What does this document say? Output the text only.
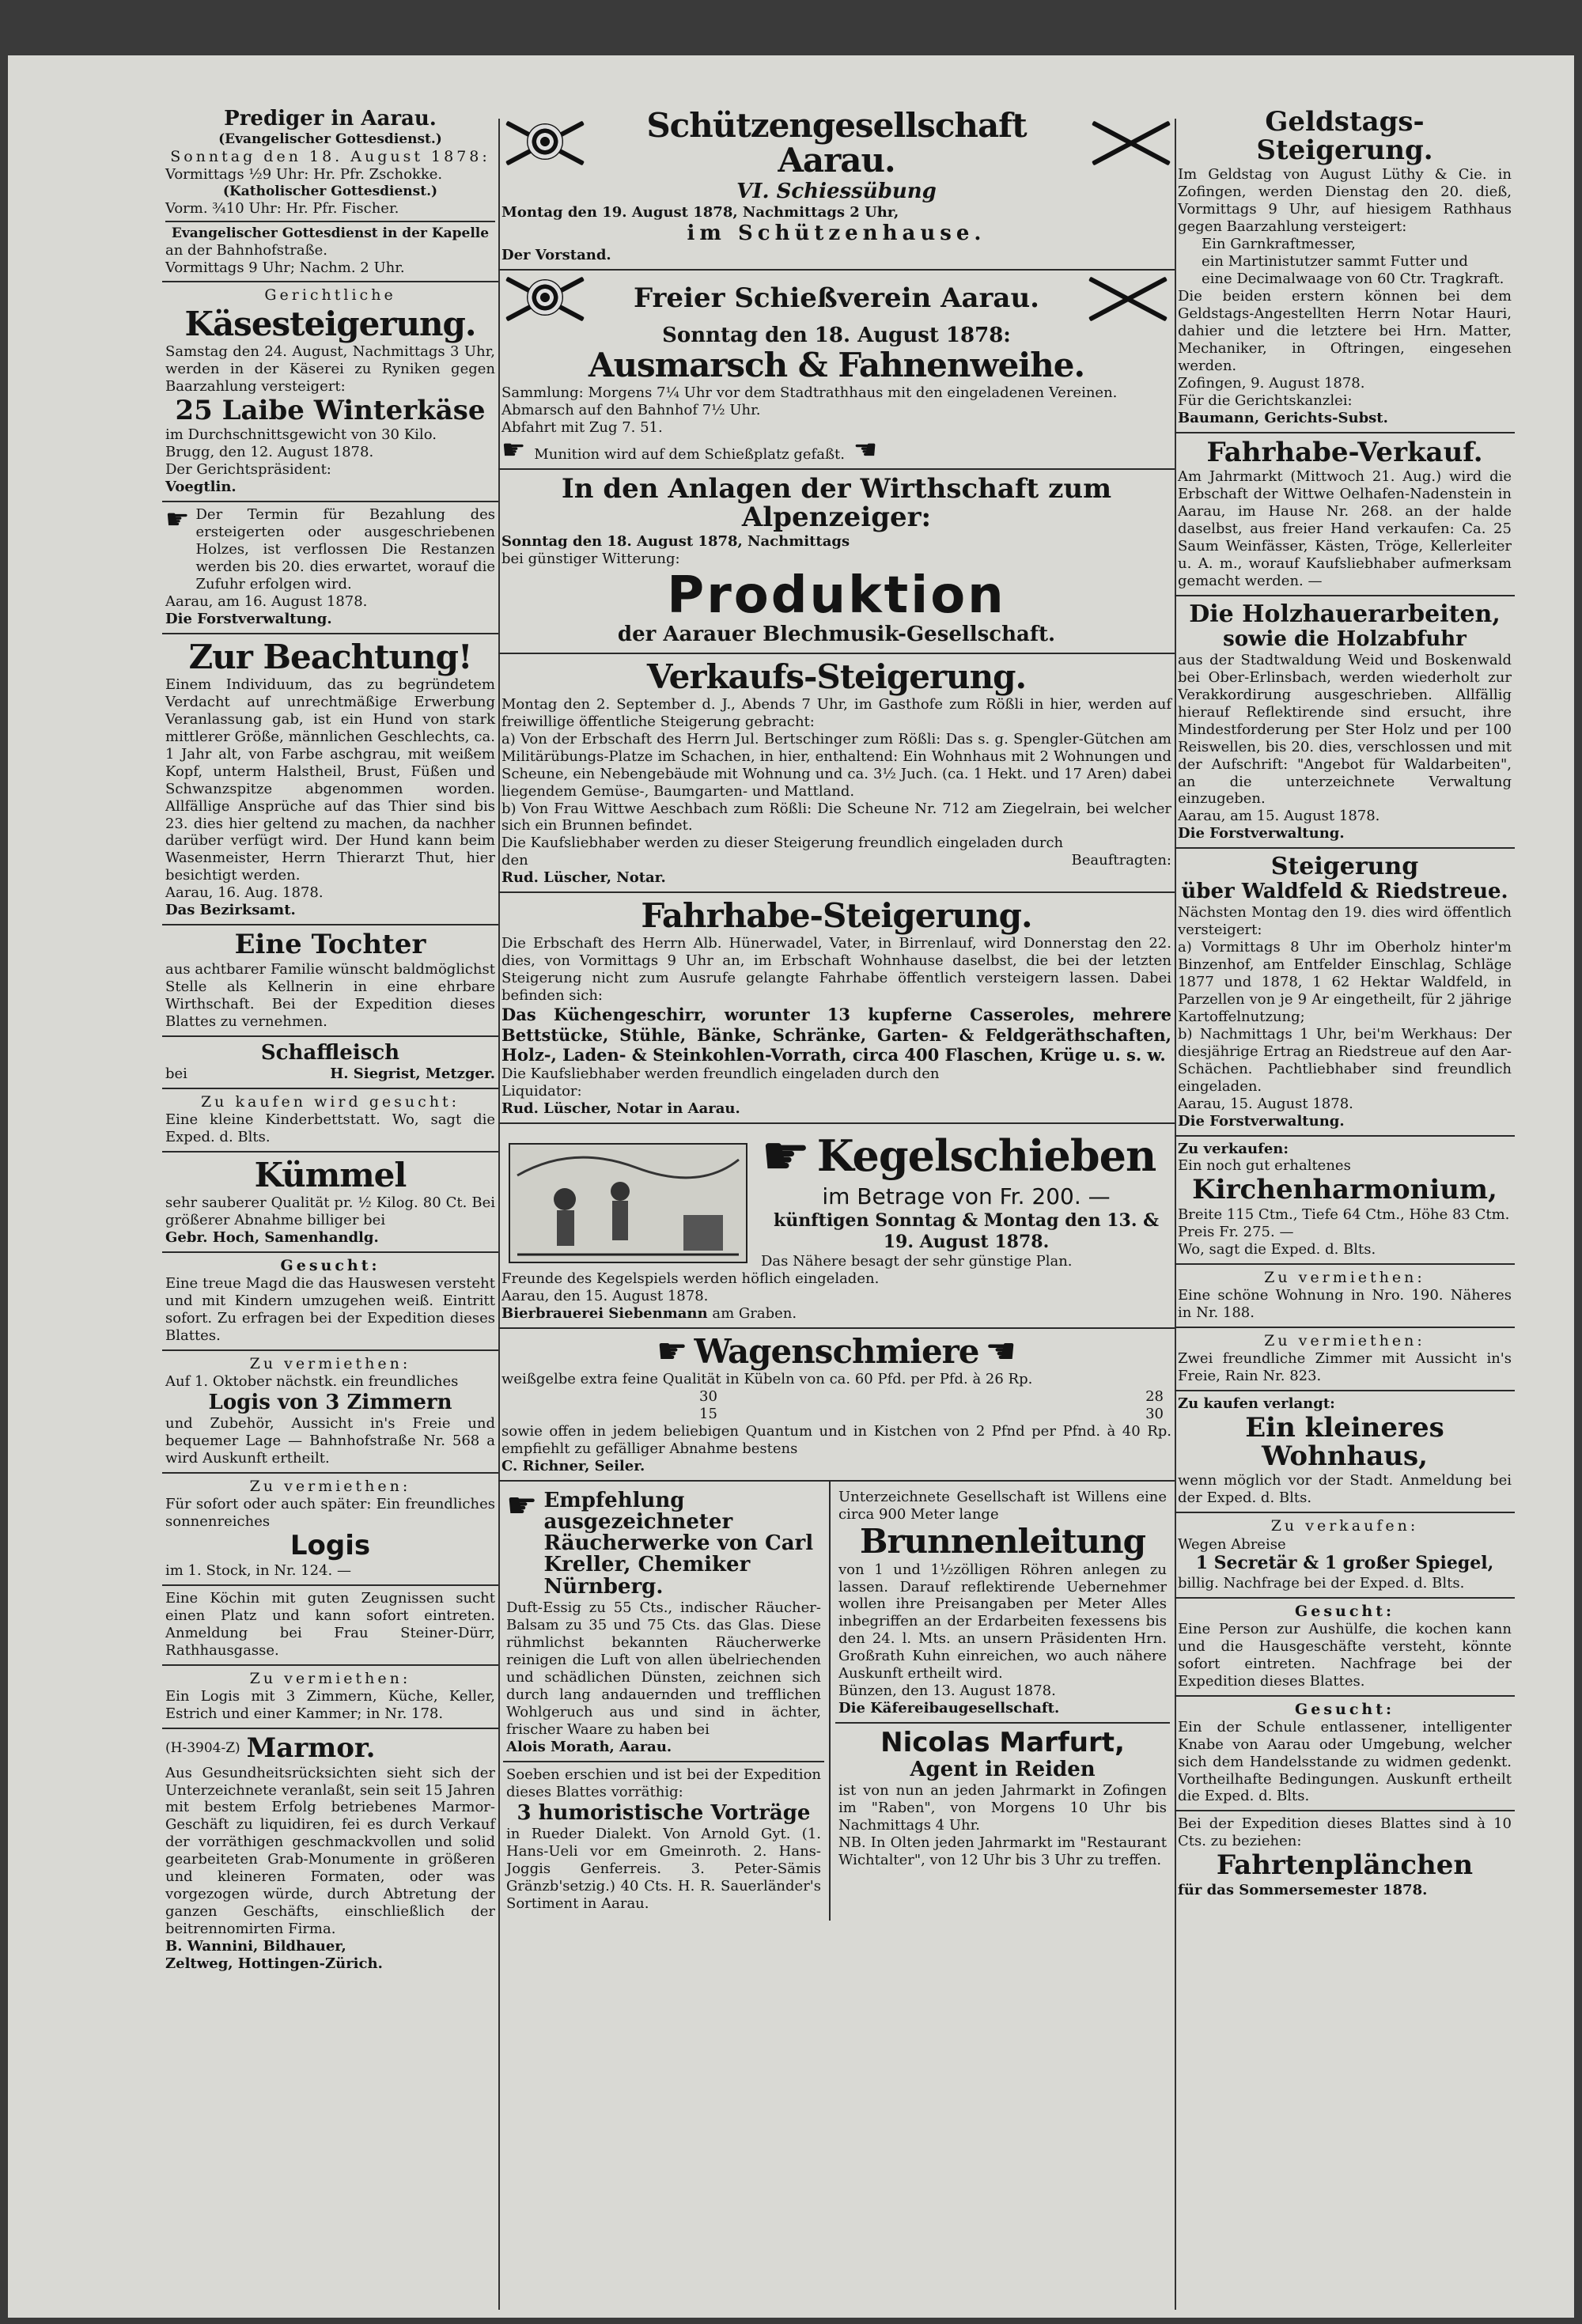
Prediger in Aarau.
(Evangelischer Gottesdienst.)
Sonntag den 18. August 1878:
Vormittags ½9 Uhr: Hr. Pfr. Zschokke.
(Katholischer Gottesdienst.)
Vorm. ¾10 Uhr: Hr. Pfr. Fischer.
Evangelischer Gottesdienst in der Kapelle
an der Bahnhofstraße.
Vormittags 9 Uhr; Nachm. 2 Uhr.
Gerichtliche
Käsesteigerung.
Samstag den 24. August, Nachmittags 3 Uhr, werden in der Käserei zu Ryniken gegen Baarzahlung versteigert:
25 Laibe Winterkäse
im Durchschnittsgewicht von 30 Kilo.
Brugg, den 12. August 1878.
Der Gerichtspräsident:
Voegtlin.
☛ Der Termin für Bezahlung des ersteigerten oder ausgeschriebenen Holzes, ist verflossen Die Restanzen werden bis 20. dies erwartet, worauf die Zufuhr erfolgen wird.
Aarau, am 16. August 1878.
Die Forstverwaltung.
Zur Beachtung!
Einem Individuum, das zu begründetem Verdacht auf unrechtmäßige Erwerbung Veranlassung gab, ist ein Hund von stark mittlerer Größe, männlichen Geschlechts, ca. 1 Jahr alt, von Farbe aschgrau, mit weißem Kopf, unterm Halstheil, Brust, Füßen und Schwanzspitze abgenommen worden. Allfällige Ansprüche auf das Thier sind bis 23. dies hier geltend zu machen, da nachher darüber verfügt wird. Der Hund kann beim Wasenmeister, Herrn Thierarzt Thut, hier besichtigt werden.
Aarau, 16. Aug. 1878.
Das Bezirksamt.
Eine Tochter
aus achtbarer Familie wünscht baldmöglichst Stelle als Kellnerin in eine ehrbare Wirthschaft. Bei der Expedition dieses Blattes zu vernehmen.
Schaffleisch
bei	H. Siegrist, Metzger.
Zu kaufen wird gesucht:
Eine kleine Kinderbettstatt. Wo, sagt die Exped. d. Blts.
Kümmel
sehr sauberer Qualität pr. ½ Kilog. 80 Ct. Bei größerer Abnahme billiger bei
Gebr. Hoch, Samenhandlg.
Gesucht:
Eine treue Magd die das Hauswesen versteht und mit Kindern umzugehen weiß. Eintritt sofort. Zu erfragen bei der Expedition dieses Blattes.
Zu vermiethen:
Auf 1. Oktober nächstk. ein freundliches
Logis von 3 Zimmern
und Zubehör, Aussicht in's Freie und bequemer Lage — Bahnhofstraße Nr. 568 a wird Auskunft ertheilt.
Zu vermiethen:
Für sofort oder auch später: Ein freundliches sonnenreiches
Logis
im 1. Stock, in Nr. 124. —
Eine Köchin mit guten Zeugnissen sucht einen Platz und kann sofort eintreten. Anmeldung bei Frau Steiner-Dürr, Rathhausgasse.
Zu vermiethen:
Ein Logis mit 3 Zimmern, Küche, Keller, Estrich und einer Kammer; in Nr. 178.
(H-3904-Z) Marmor.
Aus Gesundheitsrücksichten sieht sich der Unterzeichnete veranlaßt, sein seit 15 Jahren mit bestem Erfolg betriebenes Marmor-Geschäft zu liquidiren, fei es durch Verkauf der vorräthigen geschmackvollen und solid gearbeiteten Grab-Monumente in größeren und kleineren Formaten, oder was vorgezogen würde, durch Abtretung der ganzen Geschäfts, einschließlich der beitrennomirten Firma.
B. Wannini, Bildhauer,
Zeltweg, Hottingen-Zürich.
Schützengesellschaft Aarau.
VI. Schiessübung
Montag den 19. August 1878, Nachmittags 2 Uhr,
im Schützenhause.
Der Vorstand.
Freier Schießverein Aarau.
Sonntag den 18. August 1878:
Ausmarsch & Fahnenweihe.
Sammlung: Morgens 7¼ Uhr vor dem Stadtrathhaus mit den eingeladenen Vereinen.
Abmarsch auf den Bahnhof 7½ Uhr.
Abfahrt mit Zug 7. 51.
☛ Munition wird auf dem Schießplatz gefaßt. ☚
In den Anlagen der Wirthschaft zum Alpenzeiger:
Sonntag den 18. August 1878, Nachmittags
bei günstiger Witterung:
Produktion
der Aarauer Blechmusik-Gesellschaft.
Verkaufs-Steigerung.
Montag den 2. September d. J., Abends 7 Uhr, im Gasthofe zum Rößli in hier, werden auf freiwillige öffentliche Steigerung gebracht:
a) Von der Erbschaft des Herrn Jul. Bertschinger zum Rößli: Das s. g. Spengler-Gütchen am Militärübungs-Platze im Schachen, in hier, enthaltend: Ein Wohnhaus mit 2 Wohnungen und Scheune, ein Nebengebäude mit Wohnung und ca. 3½ Juch. (ca. 1 Hekt. und 17 Aren) dabei liegendem Gemüse-, Baumgarten- und Mattland.
b) Von Frau Wittwe Aeschbach zum Rößli: Die Scheune Nr. 712 am Ziegelrain, bei welcher sich ein Brunnen befindet.
Die Kaufsliebhaber werden zu dieser Steigerung freundlich eingeladen durch
den	Beauftragten:
Rud. Lüscher, Notar.
Fahrhabe-Steigerung.
Die Erbschaft des Herrn Alb. Hünerwadel, Vater, in Birrenlauf, wird Donnerstag den 22. dies, von Vormittags 9 Uhr an, im Erbschaft Wohnhause daselbst, die bei der letzten Steigerung nicht zum Ausrufe gelangte Fahrhabe öffentlich versteigern lassen. Dabei befinden sich:
Das Küchengeschirr, worunter 13 kupferne Casseroles, mehrere Bettstücke, Stühle, Bänke, Schränke, Garten- & Feldgeräthschaften, Holz-, Laden- & Steinkohlen-Vorrath, circa 400 Flaschen, Krüge u. s. w.
Die Kaufsliebhaber werden freundlich eingeladen durch den
Liquidator:
Rud. Lüscher, Notar in Aarau.
☛ Kegelschieben
im Betrage von Fr. 200. —
künftigen Sonntag & Montag den 13. & 19. August 1878.
Das Nähere besagt der sehr günstige Plan.
Freunde des Kegelspiels werden höflich eingeladen.
Aarau, den 15. August 1878.
Bierbrauerei Siebenmann am Graben.
☛ Wagenschmiere ☚
weißgelbe extra feine Qualität in Kübeln von ca. 60 Pfd. per Pfd. à 26 Rp.
30	28
15	30
sowie offen in jedem beliebigen Quantum und in Kistchen von 2 Pfnd per Pfnd. à 40 Rp. empfiehlt zu gefälliger Abnahme bestens
C. Richner, Seiler.
☛ Empfehlung ausgezeichneter Räucherwerke von Carl Kreller, Chemiker Nürnberg.
Duft-Essig zu 55 Cts., indischer Räucher-Balsam zu 35 und 75 Cts. das Glas. Diese rühmlichst bekannten Räucherwerke reinigen die Luft von allen übelriechenden und schädlichen Dünsten, zeichnen sich durch lang andauernden und trefflichen Wohlgeruch aus und sind in ächter, frischer Waare zu haben bei
Alois Morath, Aarau.
Soeben erschien und ist bei der Expedition dieses Blattes vorräthig:
3 humoristische Vorträge
in Rueder Dialekt. Von Arnold Gyt. (1. Hans-Ueli vor em Gmeinroth. 2. Hans-Joggis Genferreis. 3. Peter-Sämis Gränzb'setzig.) 40 Cts. H. R. Sauerländer's Sortiment in Aarau.
Unterzeichnete Gesellschaft ist Willens eine circa 900 Meter lange
Brunnenleitung
von 1 und 1½zölligen Röhren anlegen zu lassen. Darauf reflektirende Uebernehmer wollen ihre Preisangaben per Meter Alles inbegriffen an der Erdarbeiten fexessens bis den 24. l. Mts. an unsern Präsidenten Hrn. Großrath Kuhn einreichen, wo auch nähere Auskunft ertheilt wird.
Bünzen, den 13. August 1878.
Die Käfereibaugesellschaft.
Nicolas Marfurt,
Agent in Reiden
ist von nun an jeden Jahrmarkt in Zofingen im "Raben", von Morgens 10 Uhr bis Nachmittags 4 Uhr.
NB. In Olten jeden Jahrmarkt im "Restaurant Wichtalter", von 12 Uhr bis 3 Uhr zu treffen.
Geldstags-Steigerung.
Im Geldstag von August Lüthy & Cie. in Zofingen, werden Dienstag den 20. dieß, Vormittags 9 Uhr, auf hiesigem Rathhaus gegen Baarzahlung versteigert:
Ein Garnkraftmesser,
ein Martinistutzer sammt Futter und
eine Decimalwaage von 60 Ctr. Tragkraft.
Die beiden erstern können bei dem Geldstags-Angestellten Herrn Notar Hauri, dahier und die letztere bei Hrn. Matter, Mechaniker, in Oftringen, eingesehen werden.
Zofingen, 9. August 1878.
Für die Gerichtskanzlei:
Baumann, Gerichts-Subst.
Fahrhabe-Verkauf.
Am Jahrmarkt (Mittwoch 21. Aug.) wird die Erbschaft der Wittwe Oelhafen-Nadenstein in Aarau, im Hause Nr. 268. an der halde daselbst, aus freier Hand verkaufen: Ca. 25 Saum Weinfässer, Kästen, Tröge, Kellerleiter u. A. m., worauf Kaufsliebhaber aufmerksam gemacht werden. —
Die Holzhauerarbeiten,
sowie die Holzabfuhr
aus der Stadtwaldung Weid und Boskenwald bei Ober-Erlinsbach, werden wiederholt zur Verakkordirung ausgeschrieben. Allfällig hierauf Reflektirende sind ersucht, ihre Mindestforderung per Ster Holz und per 100 Reiswellen, bis 20. dies, verschlossen und mit der Aufschrift: "Angebot für Waldarbeiten", an die unterzeichnete Verwaltung einzugeben.
Aarau, am 15. August 1878.
Die Forstverwaltung.
Steigerung
über Waldfeld & Riedstreue.
Nächsten Montag den 19. dies wird öffentlich versteigert:
a) Vormittags 8 Uhr im Oberholz hinter'm Binzenhof, am Entfelder Einschlag, Schläge 1877 und 1878, 1 62 Hektar Waldfeld, in Parzellen von je 9 Ar eingetheilt, für 2 jährige Kartoffelnutzung;
b) Nachmittags 1 Uhr, bei'm Werkhaus: Der diesjährige Ertrag an Riedstreue auf den Aar-Schächen. Pachtliebhaber sind freundlich eingeladen.
Aarau, 15. August 1878.
Die Forstverwaltung.
Zu verkaufen:
Ein noch gut erhaltenes
Kirchenharmonium,
Breite 115 Ctm., Tiefe 64 Ctm., Höhe 83 Ctm.
Preis Fr. 275. —
Wo, sagt die Exped. d. Blts.
Zu vermiethen:
Eine schöne Wohnung in Nro. 190. Näheres in Nr. 188.
Zu vermiethen:
Zwei freundliche Zimmer mit Aussicht in's Freie, Rain Nr. 823.
Zu kaufen verlangt:
Ein kleineres Wohnhaus,
wenn möglich vor der Stadt. Anmeldung bei der Exped. d. Blts.
Zu verkaufen:
Wegen Abreise
1 Secretär & 1 großer Spiegel,
billig. Nachfrage bei der Exped. d. Blts.
Gesucht:
Eine Person zur Aushülfe, die kochen kann und die Hausgeschäfte versteht, könnte sofort eintreten. Nachfrage bei der Expedition dieses Blattes.
Gesucht:
Ein der Schule entlassener, intelligenter Knabe von Aarau oder Umgebung, welcher sich dem Handelsstande zu widmen gedenkt. Vortheilhafte Bedingungen. Auskunft ertheilt die Exped. d. Blts.
Bei der Expedition dieses Blattes sind à 10 Cts. zu beziehen:
Fahrtenplänchen
für das Sommersemester 1878.
